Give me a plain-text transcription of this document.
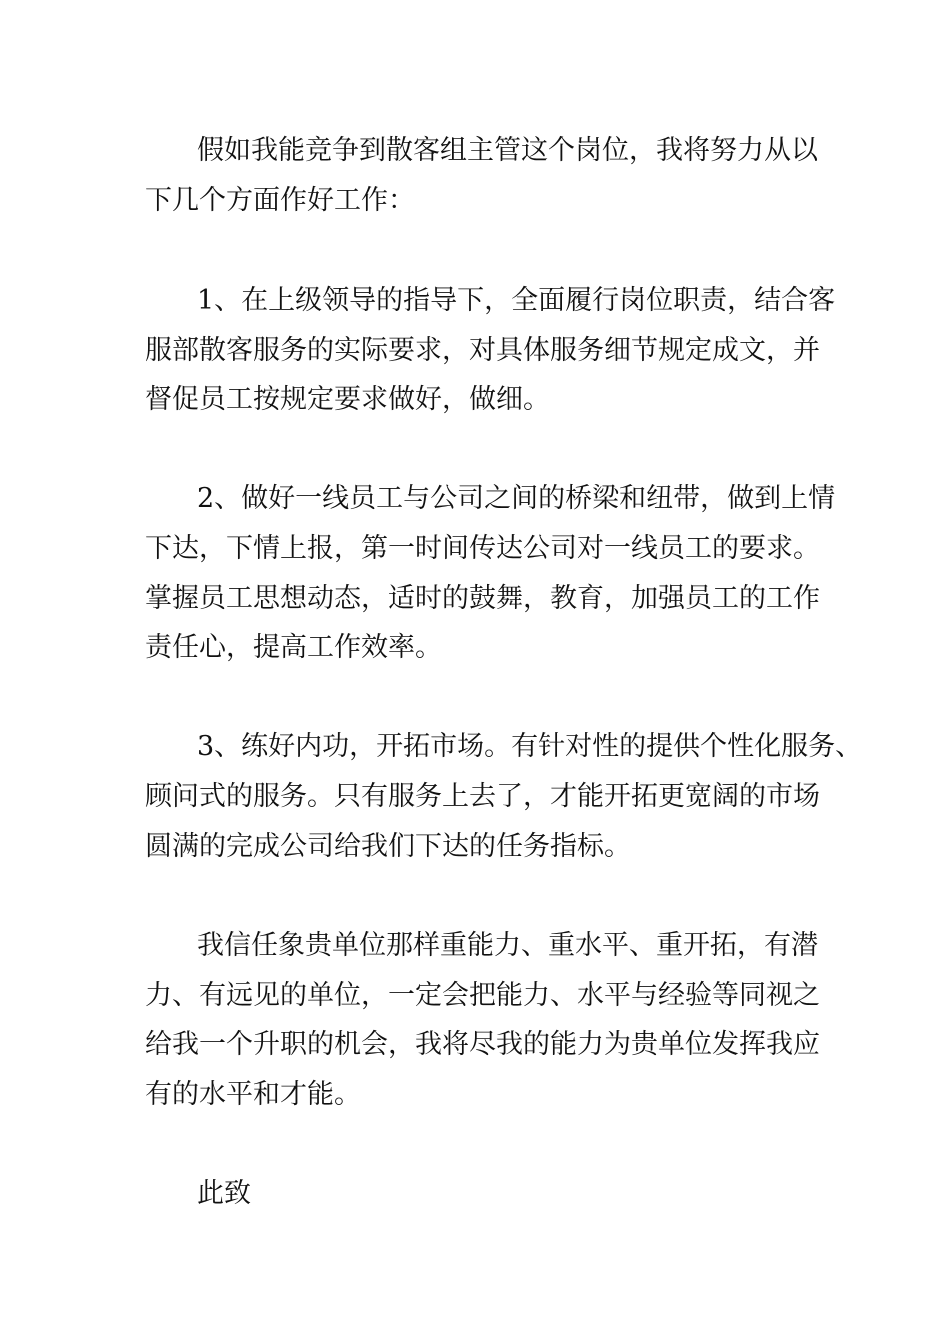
假如我能竞争到散客组主管这个岗位，我将努力从以

下几个方面作好工作：

1、在上级领导的指导下，全面履行岗位职责，结合客

服部散客服务的实际要求，对具体服务细节规定成文，并

督促员工按规定要求做好，做细。

2、做好一线员工与公司之间的桥梁和纽带，做到上情

下达，下情上报，第一时间传达公司对一线员工的要求。

掌握员工思想动态，适时的鼓舞，教育，加强员工的工作

责任心，提高工作效率。

3、练好内功，开拓市场。有针对性的提供个性化服务、

顾问式的服务。只有服务上去了，才能开拓更宽阔的市场

圆满的完成公司给我们下达的任务指标。

我信任象贵单位那样重能力、重水平、重开拓，有潜

力、有远见的单位，一定会把能力、水平与经验等同视之

给我一个升职的机会，我将尽我的能力为贵单位发挥我应

有的水平和才能。

此致
